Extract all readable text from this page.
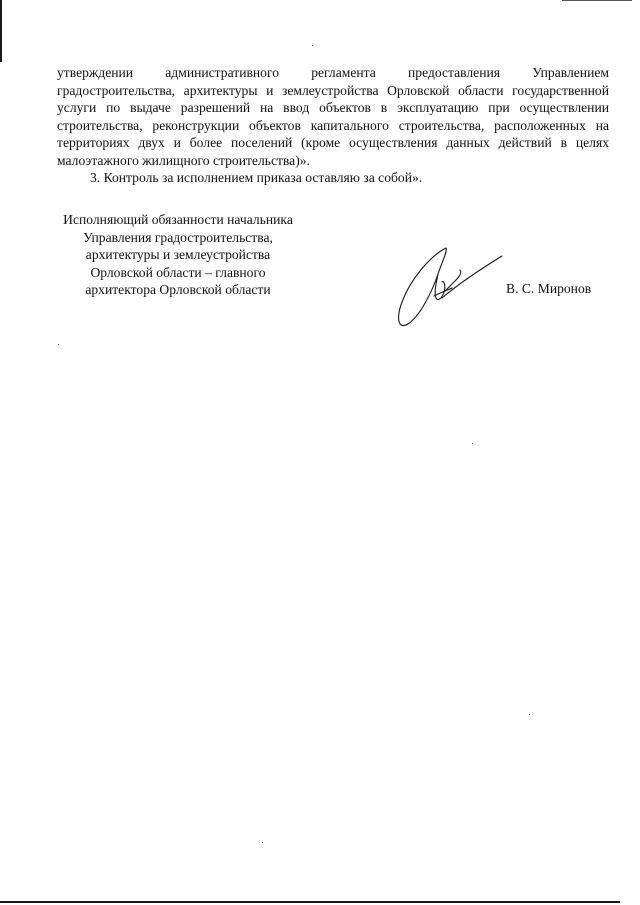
утверждении административного регламента предоставления Управлением градостроительства, архитектуры и землеустройства Орловской области государственной услуги по выдаче разрешений на ввод объектов в эксплуатацию при осуществлении строительства, реконструкции объектов капитального строительства, расположенных на территориях двух и более поселений (кроме осуществления данных действий в целях малоэтажного жилищного строительства)».

3. Контроль за исполнением приказа оставляю за собой».

Исполняющий обязанности начальника
Управления градостроительства,
архитектуры и землеустройства
Орловской области – главного
архитектора Орловской области	В. С. Миронов
